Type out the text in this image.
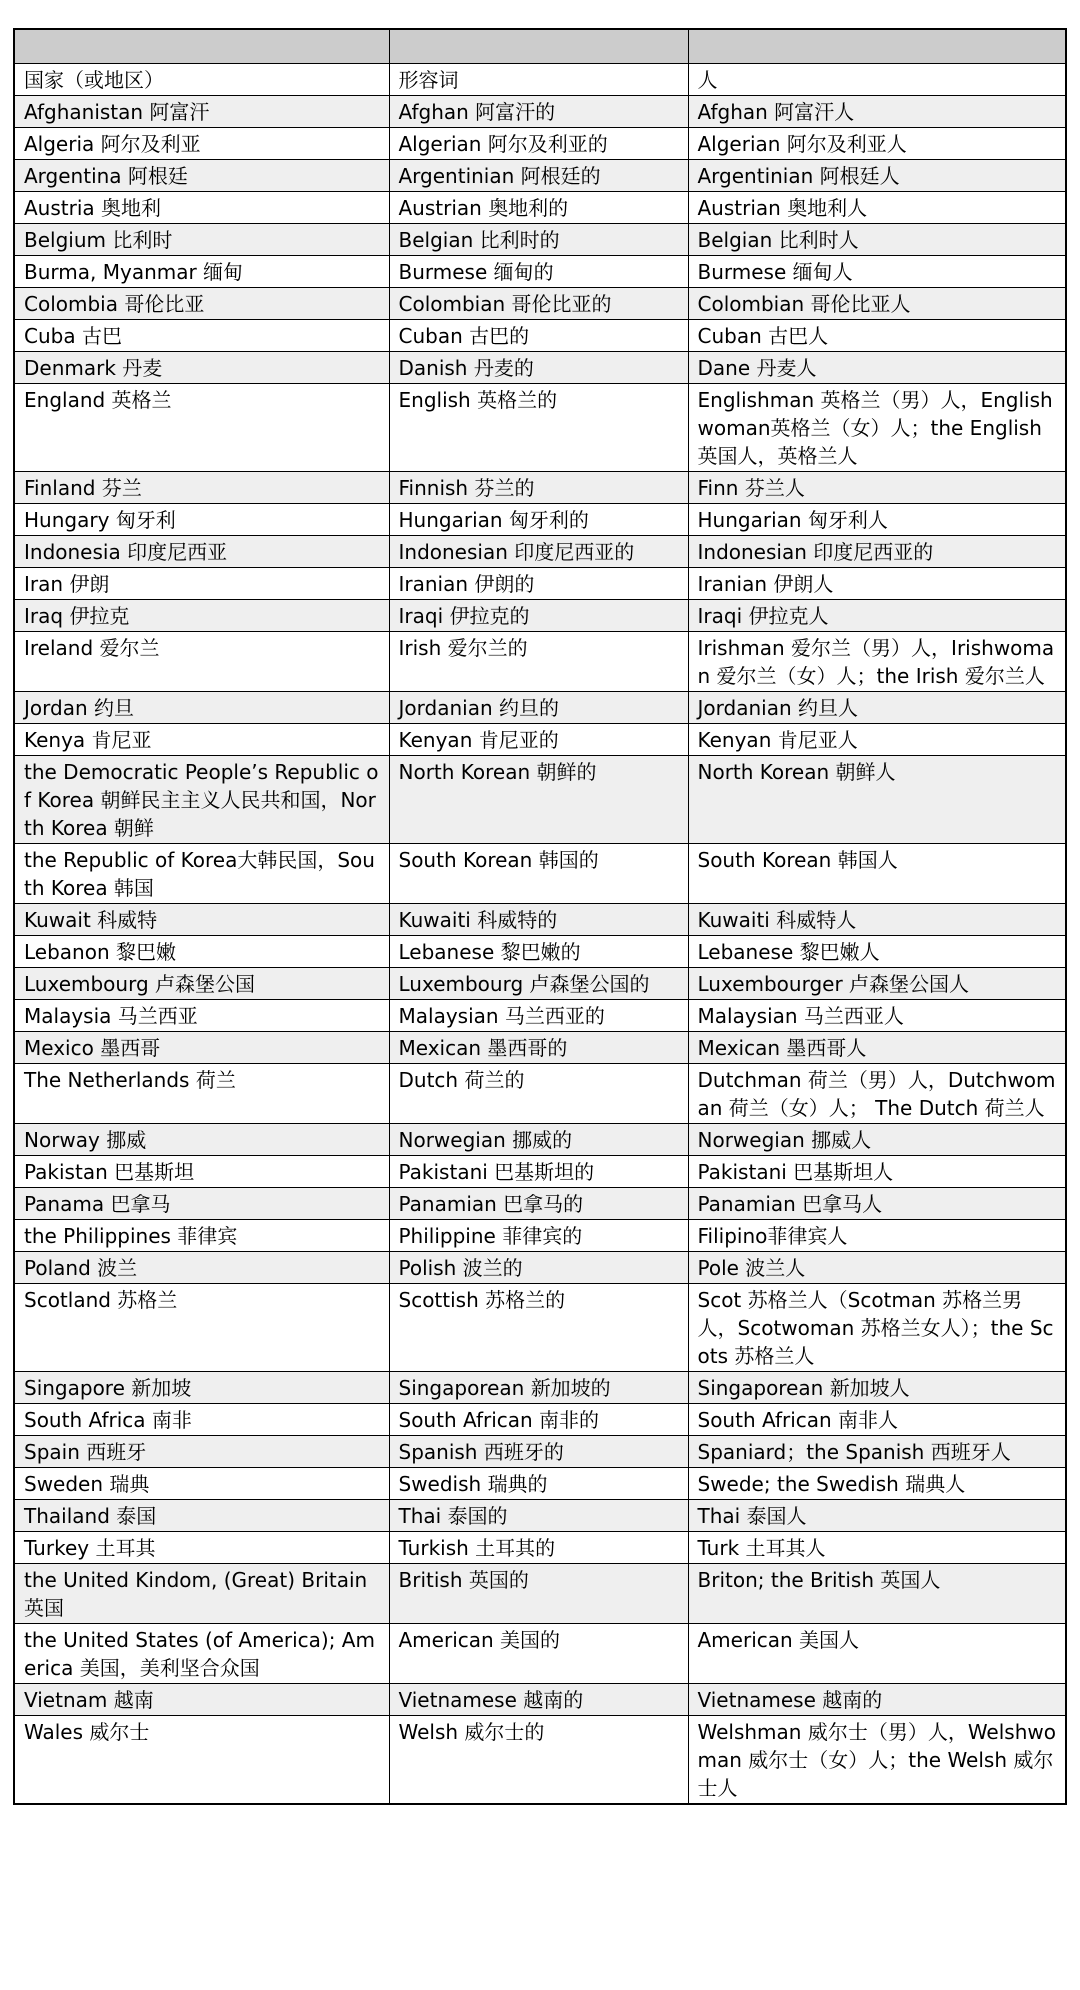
国家（或地区）	形容词	人
Afghanistan 阿富汗	Afghan 阿富汗的	Afghan 阿富汗人
Algeria 阿尔及利亚	Algerian 阿尔及利亚的	Algerian 阿尔及利亚人
Argentina 阿根廷	Argentinian 阿根廷的	Argentinian 阿根廷人
Austria 奥地利	Austrian 奥地利的	Austrian 奥地利人
Belgium 比利时	Belgian 比利时的	Belgian 比利时人
Burma, Myanmar 缅甸	Burmese 缅甸的	Burmese 缅甸人
Colombia 哥伦比亚	Colombian 哥伦比亚的	Colombian 哥伦比亚人
Cuba 古巴	Cuban 古巴的	Cuban 古巴人
Denmark 丹麦	Danish 丹麦的	Dane 丹麦人
England 英格兰	English 英格兰的	Englishman 英格兰（男）人，Englishwoman英格兰（女）人；the English 英国人，英格兰人
Finland 芬兰	Finnish 芬兰的	Finn 芬兰人
Hungary 匈牙利	Hungarian 匈牙利的	Hungarian 匈牙利人
Indonesia 印度尼西亚	Indonesian 印度尼西亚的	Indonesian 印度尼西亚的
Iran 伊朗	Iranian 伊朗的	Iranian 伊朗人
Iraq 伊拉克	Iraqi 伊拉克的	Iraqi 伊拉克人
Ireland 爱尔兰	Irish 爱尔兰的	Irishman 爱尔兰（男）人，Irishwoman 爱尔兰（女）人；the Irish 爱尔兰人
Jordan 约旦	Jordanian 约旦的	Jordanian 约旦人
Kenya 肯尼亚	Kenyan 肯尼亚的	Kenyan 肯尼亚人
the Democratic People’s Republic of Korea 朝鲜民主主义人民共和国，North Korea 朝鲜	North Korean 朝鲜的	North Korean 朝鲜人
the Republic of Korea大韩民国，South Korea 韩国	South Korean 韩国的	South Korean 韩国人
Kuwait 科威特	Kuwaiti 科威特的	Kuwaiti 科威特人
Lebanon 黎巴嫩	Lebanese 黎巴嫩的	Lebanese 黎巴嫩人
Luxembourg 卢森堡公国	Luxembourg 卢森堡公国的	Luxembourger 卢森堡公国人
Malaysia 马兰西亚	Malaysian 马兰西亚的	Malaysian 马兰西亚人
Mexico 墨西哥	Mexican 墨西哥的	Mexican 墨西哥人
The Netherlands 荷兰	Dutch 荷兰的	Dutchman 荷兰（男）人，Dutchwoman 荷兰（女）人； The Dutch 荷兰人
Norway 挪威	Norwegian 挪威的	Norwegian 挪威人
Pakistan 巴基斯坦	Pakistani 巴基斯坦的	Pakistani 巴基斯坦人
Panama 巴拿马	Panamian 巴拿马的	Panamian 巴拿马人
the Philippines 菲律宾	Philippine 菲律宾的	Filipino菲律宾人
Poland 波兰	Polish 波兰的	Pole 波兰人
Scotland 苏格兰	Scottish 苏格兰的	Scot 苏格兰人（Scotman 苏格兰男人，Scotwoman 苏格兰女人）；the Scots 苏格兰人
Singapore 新加坡	Singaporean 新加坡的	Singaporean 新加坡人
South Africa 南非	South African 南非的	South African 南非人
Spain 西班牙	Spanish 西班牙的	Spaniard；the Spanish 西班牙人
Sweden 瑞典	Swedish 瑞典的	Swede; the Swedish 瑞典人
Thailand 泰国	Thai 泰国的	Thai 泰国人
Turkey 土耳其	Turkish 土耳其的	Turk 土耳其人
the United Kindom, (Great) Britain 英国	British 英国的	Briton; the British 英国人
the United States (of America); America 美国，美利坚合众国	American 美国的	American 美国人
Vietnam 越南	Vietnamese 越南的	Vietnamese 越南的
Wales 威尔士	Welsh 威尔士的	Welshman 威尔士（男）人，Welshwoman 威尔士（女）人；the Welsh 威尔士人
